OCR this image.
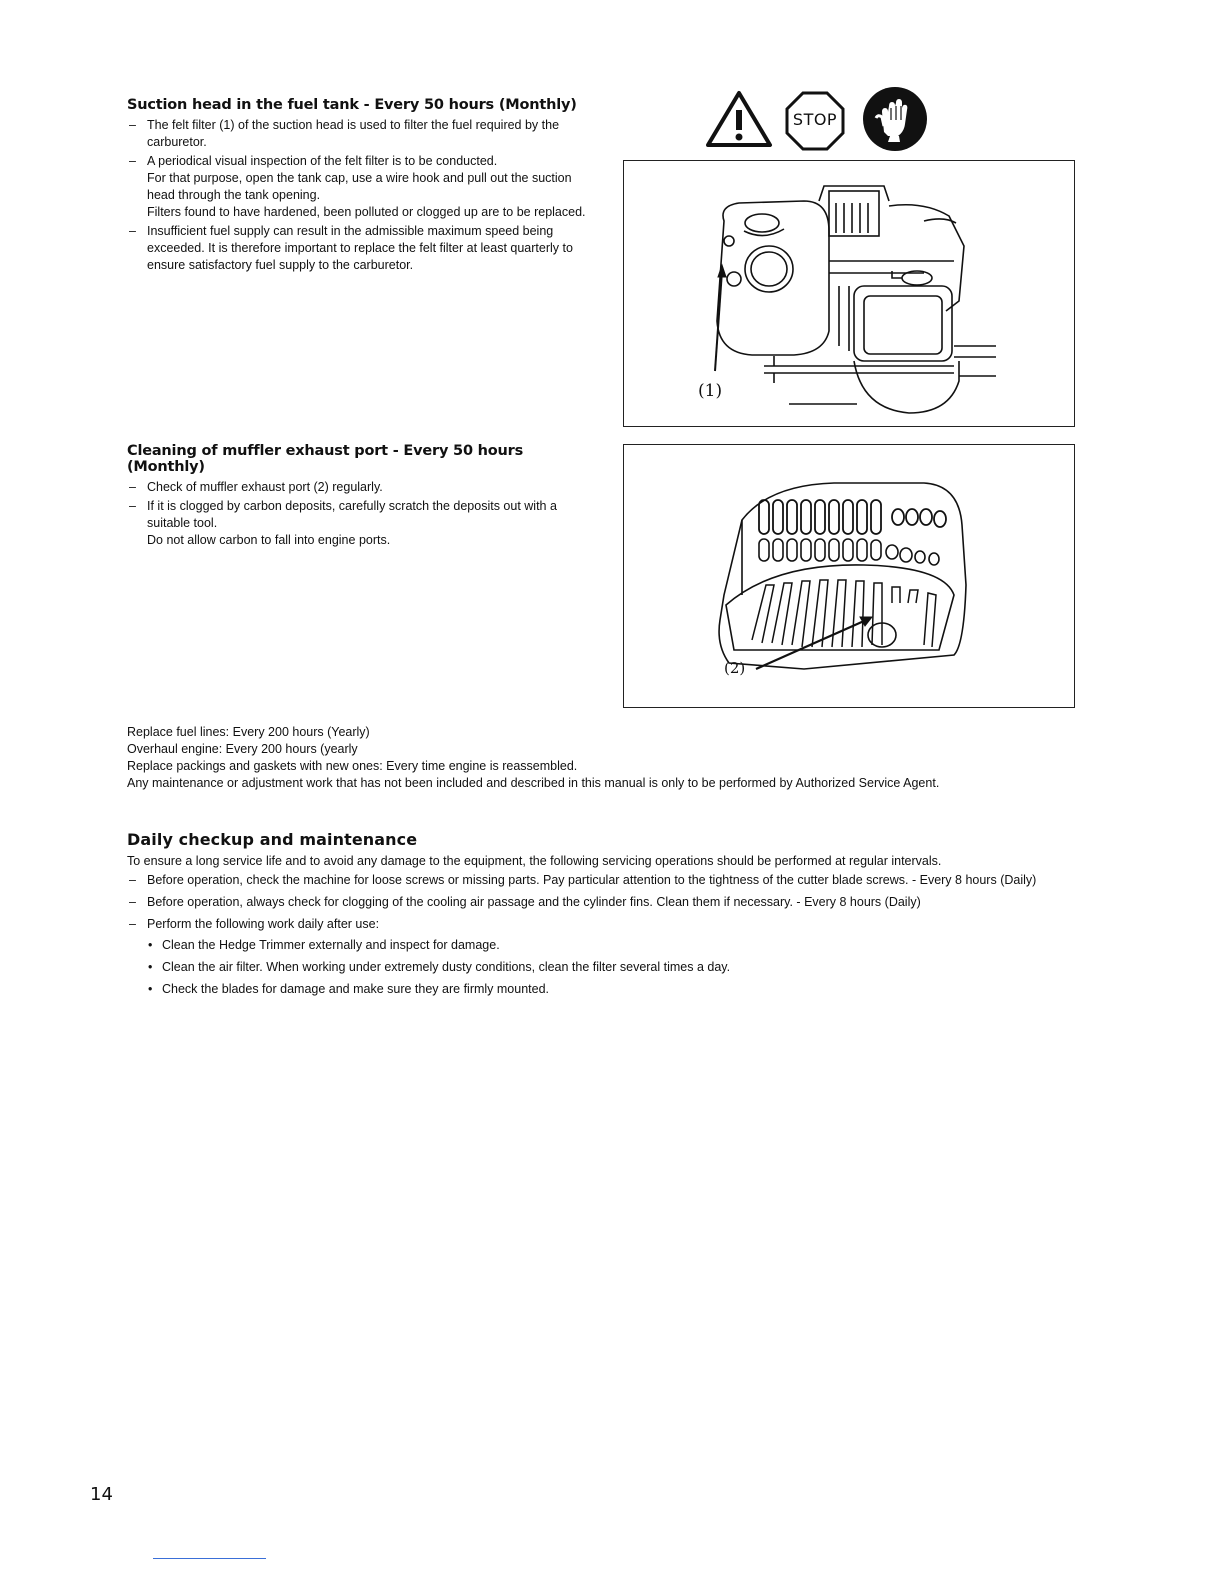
Suction head in the fuel tank - Every 50 hours (Monthly)

– The felt filter (1) of the suction head is used to filter the fuel required by the carburetor.

– A periodical visual inspection of the felt filter is to be conducted.

For that purpose, open the tank cap, use a wire hook and pull out the suction head through the tank opening.

Filters found to have hardened, been polluted or clogged up are to be replaced.

– Insufficient fuel supply can result in the admissible maximum speed being exceeded. It is therefore important to replace the felt filter at least quarterly to ensure satisfactory fuel supply to the carburetor.

STOP
(1)
Cleaning of muffler exhaust port - Every 50 hours (Monthly)

– Check of muffler exhaust port (2) regularly.

– If it is clogged by carbon deposits, carefully scratch the deposits out with a suitable tool.

Do not allow carbon to fall into engine ports.

(2)

Replace fuel lines: Every 200 hours (Yearly)

Overhaul engine: Every 200 hours (yearly

Replace packings and gaskets with new ones: Every time engine is reassembled.

Any maintenance or adjustment work that has not been included and described in this manual is only to be performed by Authorized Service Agent.

Daily checkup and maintenance

To ensure a long service life and to avoid any damage to the equipment, the following servicing operations should be performed at regular intervals.

– Before operation, check the machine for loose screws or missing parts. Pay particular attention to the tightness of the cutter blade screws. - Every 8 hours (Daily)

– Before operation, always check for clogging of the cooling air passage and the cylinder fins. Clean them if necessary. - Every 8 hours (Daily)

– Perform the following work daily after use:

• Clean the Hedge Trimmer externally and inspect for damage.
• Clean the air filter. When working under extremely dusty conditions, clean the filter several times a day.
• Check the blades for damage and make sure they are firmly mounted.
14
